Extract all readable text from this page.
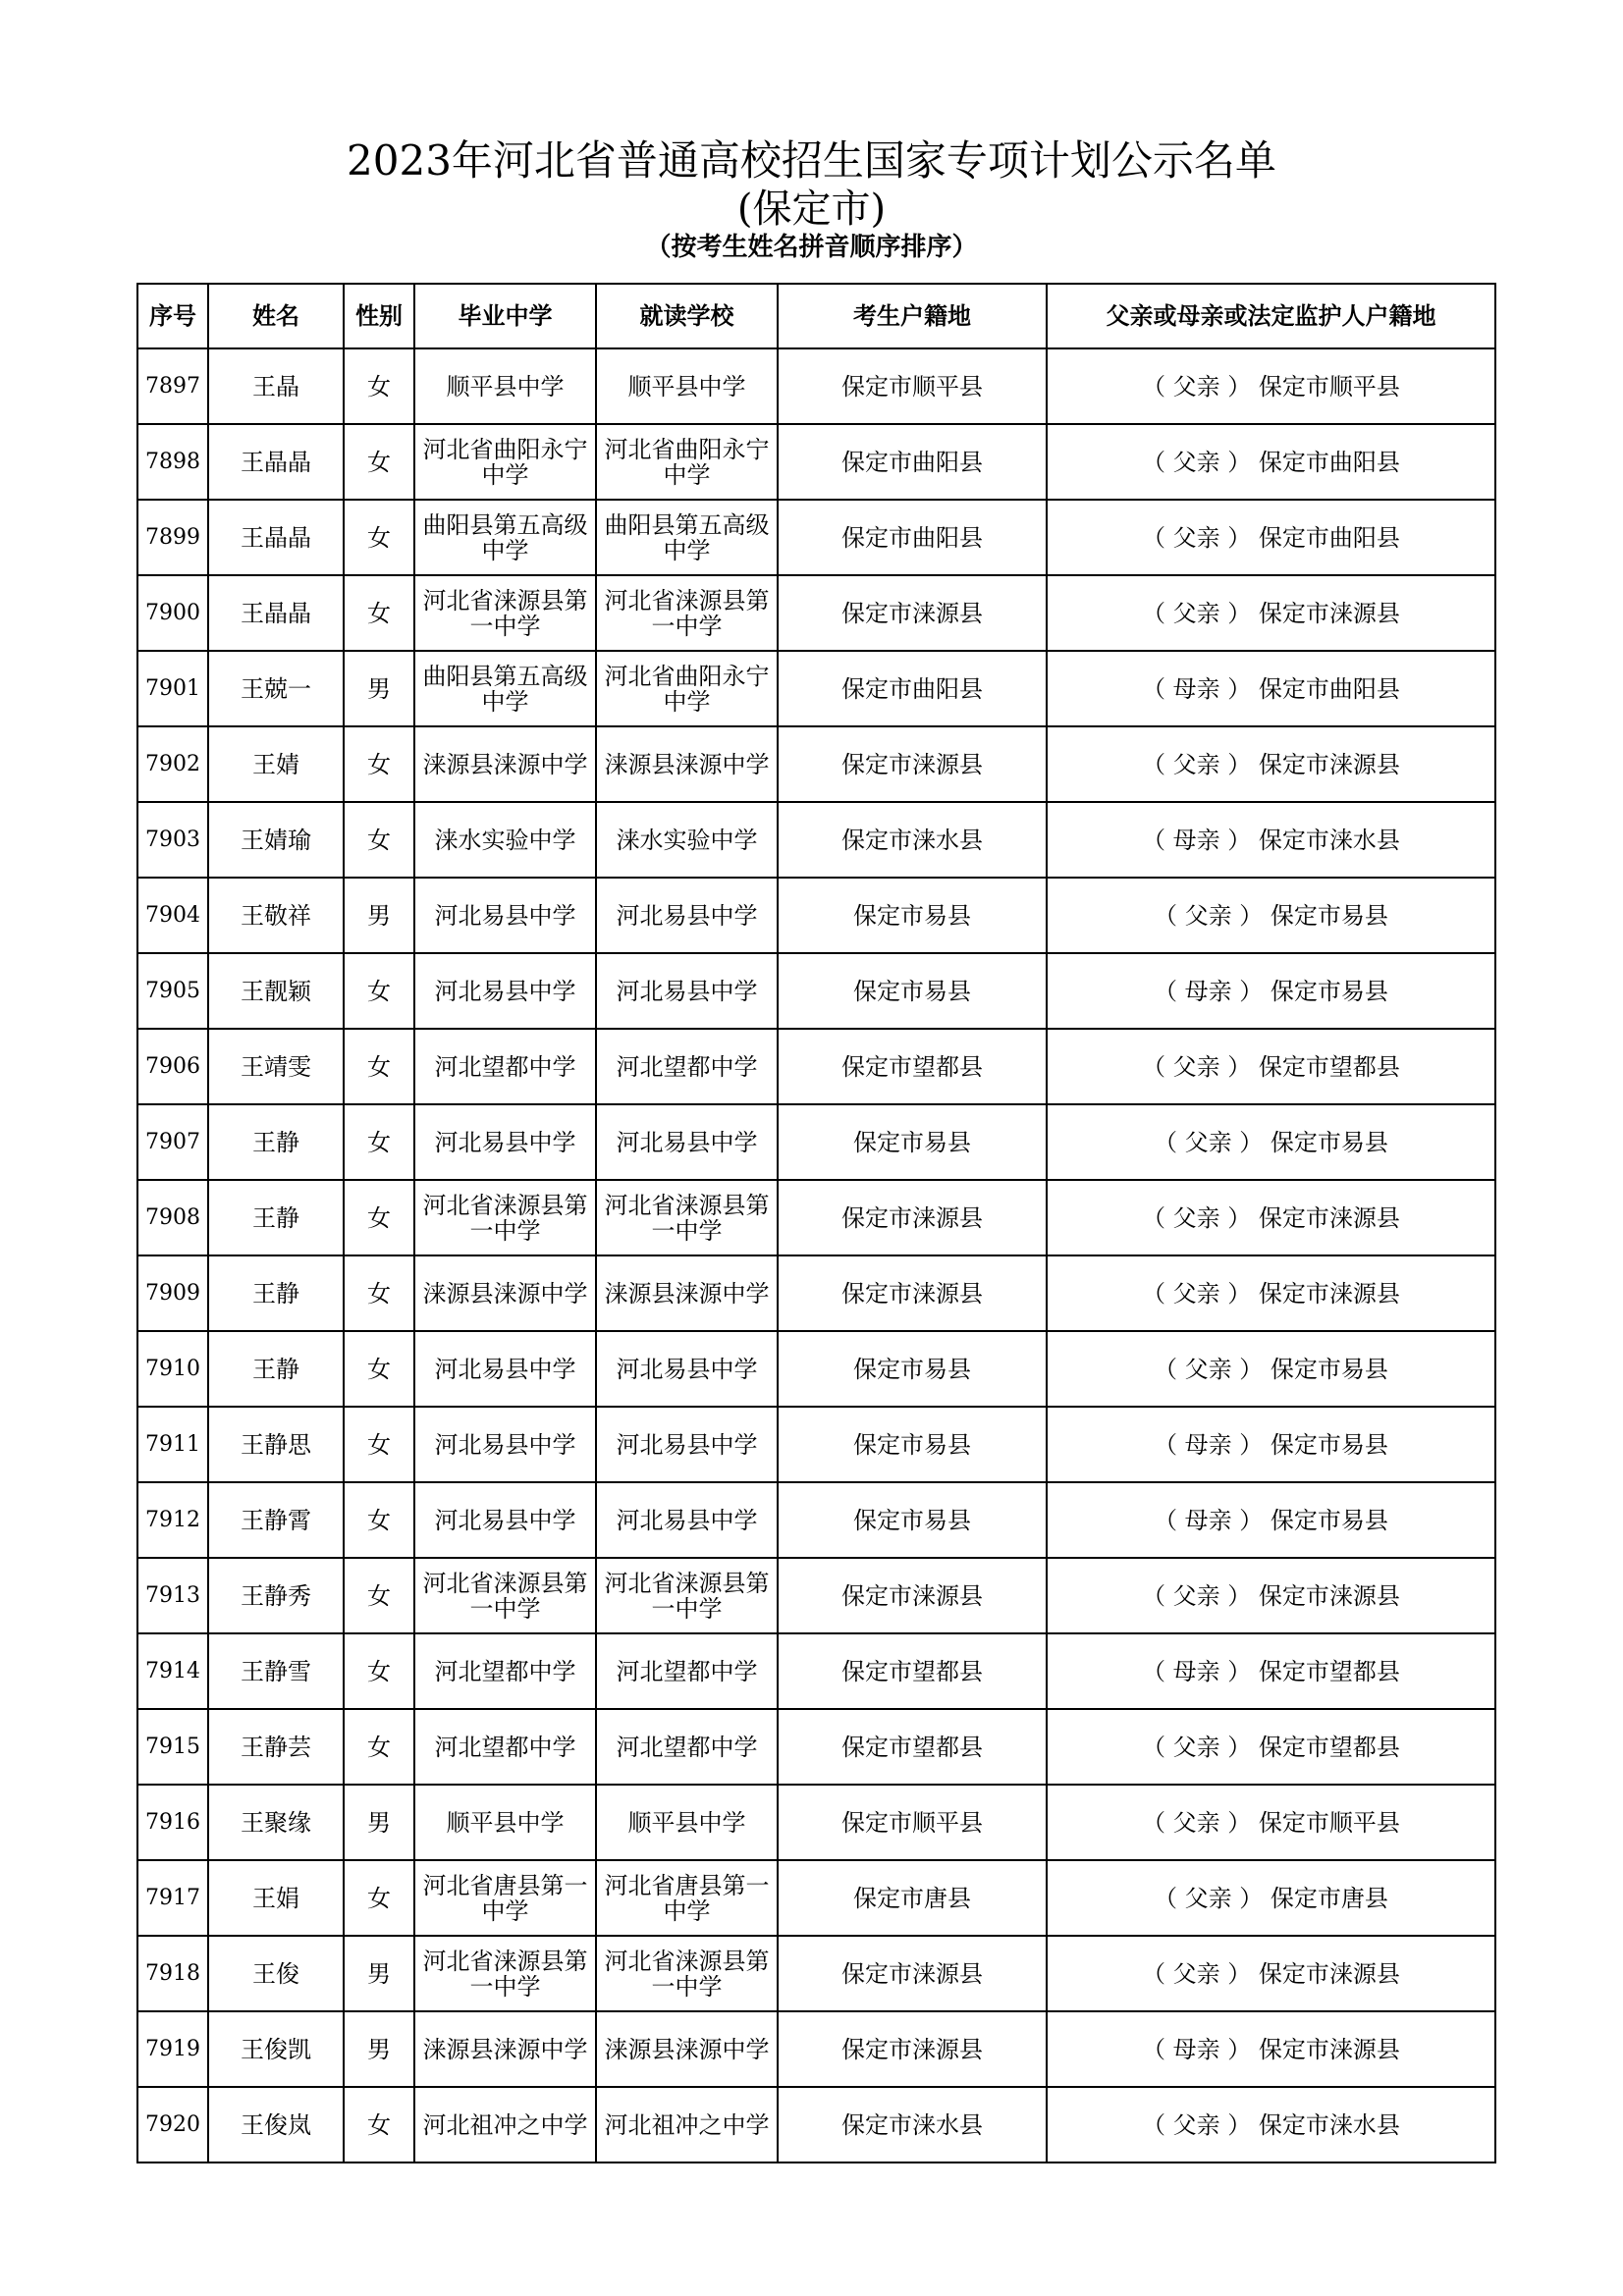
2023年河北省普通高校招生国家专项计划公示名单
(保定市)
（按考生姓名拼音顺序排序）
序号	姓名	性别	毕业中学	就读学校	考生户籍地	父亲或母亲或法定监护人户籍地
7897	王晶	女	顺平县中学	顺平县中学	保定市顺平县	（ 父亲 ） 保定市顺平县
7898	王晶晶	女	河北省曲阳永宁中学	河北省曲阳永宁中学	保定市曲阳县	（ 父亲 ） 保定市曲阳县
7899	王晶晶	女	曲阳县第五高级中学	曲阳县第五高级中学	保定市曲阳县	（ 父亲 ） 保定市曲阳县
7900	王晶晶	女	河北省涞源县第一中学	河北省涞源县第一中学	保定市涞源县	（ 父亲 ） 保定市涞源县
7901	王兢一	男	曲阳县第五高级中学	河北省曲阳永宁中学	保定市曲阳县	（ 母亲 ） 保定市曲阳县
7902	王婧	女	涞源县涞源中学	涞源县涞源中学	保定市涞源县	（ 父亲 ） 保定市涞源县
7903	王婧瑜	女	涞水实验中学	涞水实验中学	保定市涞水县	（ 母亲 ） 保定市涞水县
7904	王敬祥	男	河北易县中学	河北易县中学	保定市易县	（ 父亲 ） 保定市易县
7905	王靓颖	女	河北易县中学	河北易县中学	保定市易县	（ 母亲 ） 保定市易县
7906	王靖雯	女	河北望都中学	河北望都中学	保定市望都县	（ 父亲 ） 保定市望都县
7907	王静	女	河北易县中学	河北易县中学	保定市易县	（ 父亲 ） 保定市易县
7908	王静	女	河北省涞源县第一中学	河北省涞源县第一中学	保定市涞源县	（ 父亲 ） 保定市涞源县
7909	王静	女	涞源县涞源中学	涞源县涞源中学	保定市涞源县	（ 父亲 ） 保定市涞源县
7910	王静	女	河北易县中学	河北易县中学	保定市易县	（ 父亲 ） 保定市易县
7911	王静思	女	河北易县中学	河北易县中学	保定市易县	（ 母亲 ） 保定市易县
7912	王静霄	女	河北易县中学	河北易县中学	保定市易县	（ 母亲 ） 保定市易县
7913	王静秀	女	河北省涞源县第一中学	河北省涞源县第一中学	保定市涞源县	（ 父亲 ） 保定市涞源县
7914	王静雪	女	河北望都中学	河北望都中学	保定市望都县	（ 母亲 ） 保定市望都县
7915	王静芸	女	河北望都中学	河北望都中学	保定市望都县	（ 父亲 ） 保定市望都县
7916	王聚缘	男	顺平县中学	顺平县中学	保定市顺平县	（ 父亲 ） 保定市顺平县
7917	王娟	女	河北省唐县第一中学	河北省唐县第一中学	保定市唐县	（ 父亲 ） 保定市唐县
7918	王俊	男	河北省涞源县第一中学	河北省涞源县第一中学	保定市涞源县	（ 父亲 ） 保定市涞源县
7919	王俊凯	男	涞源县涞源中学	涞源县涞源中学	保定市涞源县	（ 母亲 ） 保定市涞源县
7920	王俊岚	女	河北祖冲之中学	河北祖冲之中学	保定市涞水县	（ 父亲 ） 保定市涞水县
